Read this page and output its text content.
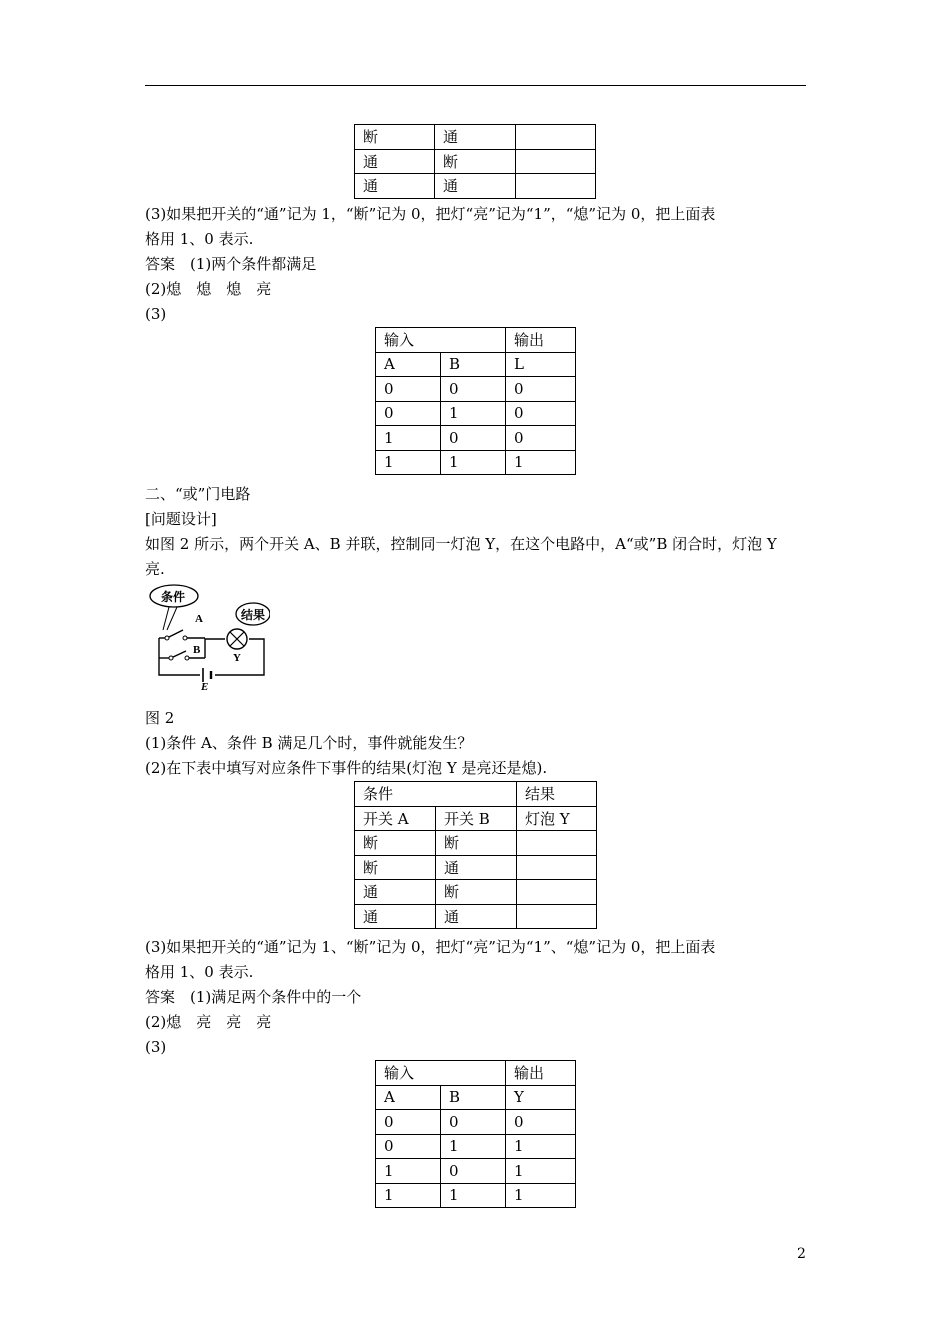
断	通	
通	断	
通	通	
(3)如果把开关的“通”记为 1，“断”记为 0，把灯“亮”记为“1”，“熄”记为 0，把上面表
格用 1、0 表示.
答案　(1)两个条件都满足
(2)熄　熄　熄　亮
(3)
输入		输出
A	B	L
0	0	0
0	1	0
1	0	0
1	1	1
二、“或”门电路
[问题设计]
如图 2 所示，两个开关 A、B 并联，控制同一灯泡 Y，在这个电路中，A“或”B 闭合时，灯泡 Y
亮.
条件
结果
A
B
Y
E
图 2
(1)条件 A、条件 B 满足几个时，事件就能发生？
(2)在下表中填写对应条件下事件的结果(灯泡 Y 是亮还是熄).
条件		结果
开关 A	开关 B	灯泡 Y
断	断	
断	通	
通	断	
通	通	
(3)如果把开关的“通”记为 1、“断”记为 0，把灯“亮”记为“1”、“熄”记为 0，把上面表
格用 1、0 表示.
答案　(1)满足两个条件中的一个
(2)熄　亮　亮　亮
(3)
输入		输出
A	B	Y
0	0	0
0	1	1
1	0	1
1	1	1
2
